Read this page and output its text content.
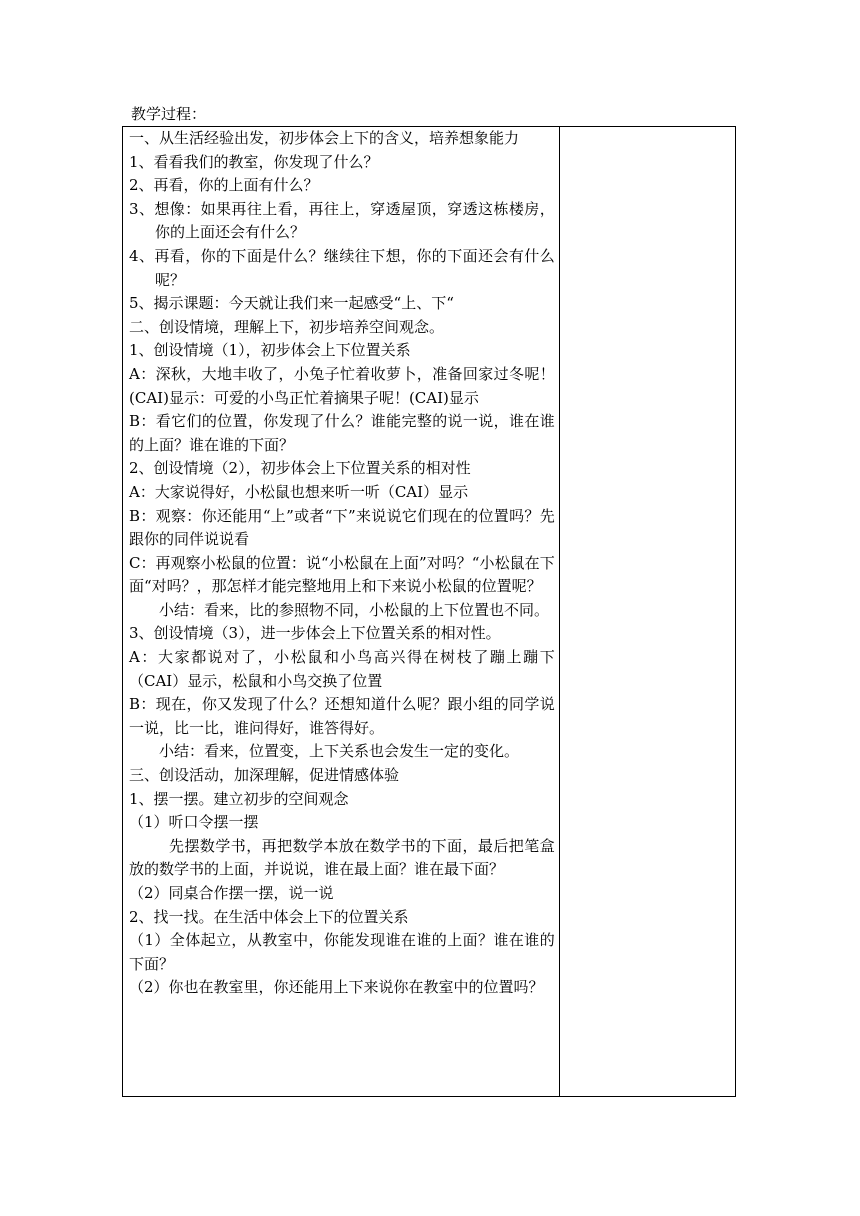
教学过程：

一、从生活经验出发，初步体会上下的含义，培养想象能力

1、看看我们的教室，你发现了什么？

2、再看，你的上面有什么？

3、想像：如果再往上看，再往上，穿透屋顶，穿透这栋楼房，你的上面还会有什么？

4、再看，你的下面是什么？继续往下想，你的下面还会有什么呢？

5、揭示课题：今天就让我们来一起感受“上、下“

二、创设情境，理解上下，初步培养空间观念。

1、创设情境（1），初步体会上下位置关系

A：深秋，大地丰收了，小兔子忙着收萝卜，准备回家过冬呢！(CAI)显示：可爱的小鸟正忙着摘果子呢！(CAI)显示

B：看它们的位置，你发现了什么？谁能完整的说一说，谁在谁的上面？谁在谁的下面？

2、创设情境（2），初步体会上下位置关系的相对性

A：大家说得好，小松鼠也想来听一听（CAI）显示

B：观察：你还能用“上”或者“下”来说说它们现在的位置吗？先跟你的同伴说说看

C：再观察小松鼠的位置：说“小松鼠在上面”对吗？“小松鼠在下面“对吗？，那怎样才能完整地用上和下来说小松鼠的位置呢？

小结：看来，比的参照物不同，小松鼠的上下位置也不同。

3、创设情境（3），进一步体会上下位置关系的相对性。

A：大家都说对了，小松鼠和小鸟高兴得在树枝了蹦上蹦下（CAI）显示，松鼠和小鸟交换了位置

B：现在，你又发现了什么？还想知道什么呢？跟小组的同学说一说，比一比，谁问得好，谁答得好。

小结：看来，位置变，上下关系也会发生一定的变化。

三、创设活动，加深理解，促进情感体验

1、摆一摆。建立初步的空间观念

（1）听口令摆一摆

先摆数学书，再把数学本放在数学书的下面，最后把笔盒放的数学书的上面，并说说，谁在最上面？谁在最下面？

（2）同桌合作摆一摆，说一说

2、找一找。在生活中体会上下的位置关系

（1）全体起立，从教室中，你能发现谁在谁的上面？谁在谁的下面？

（2）你也在教室里，你还能用上下来说你在教室中的位置吗？
